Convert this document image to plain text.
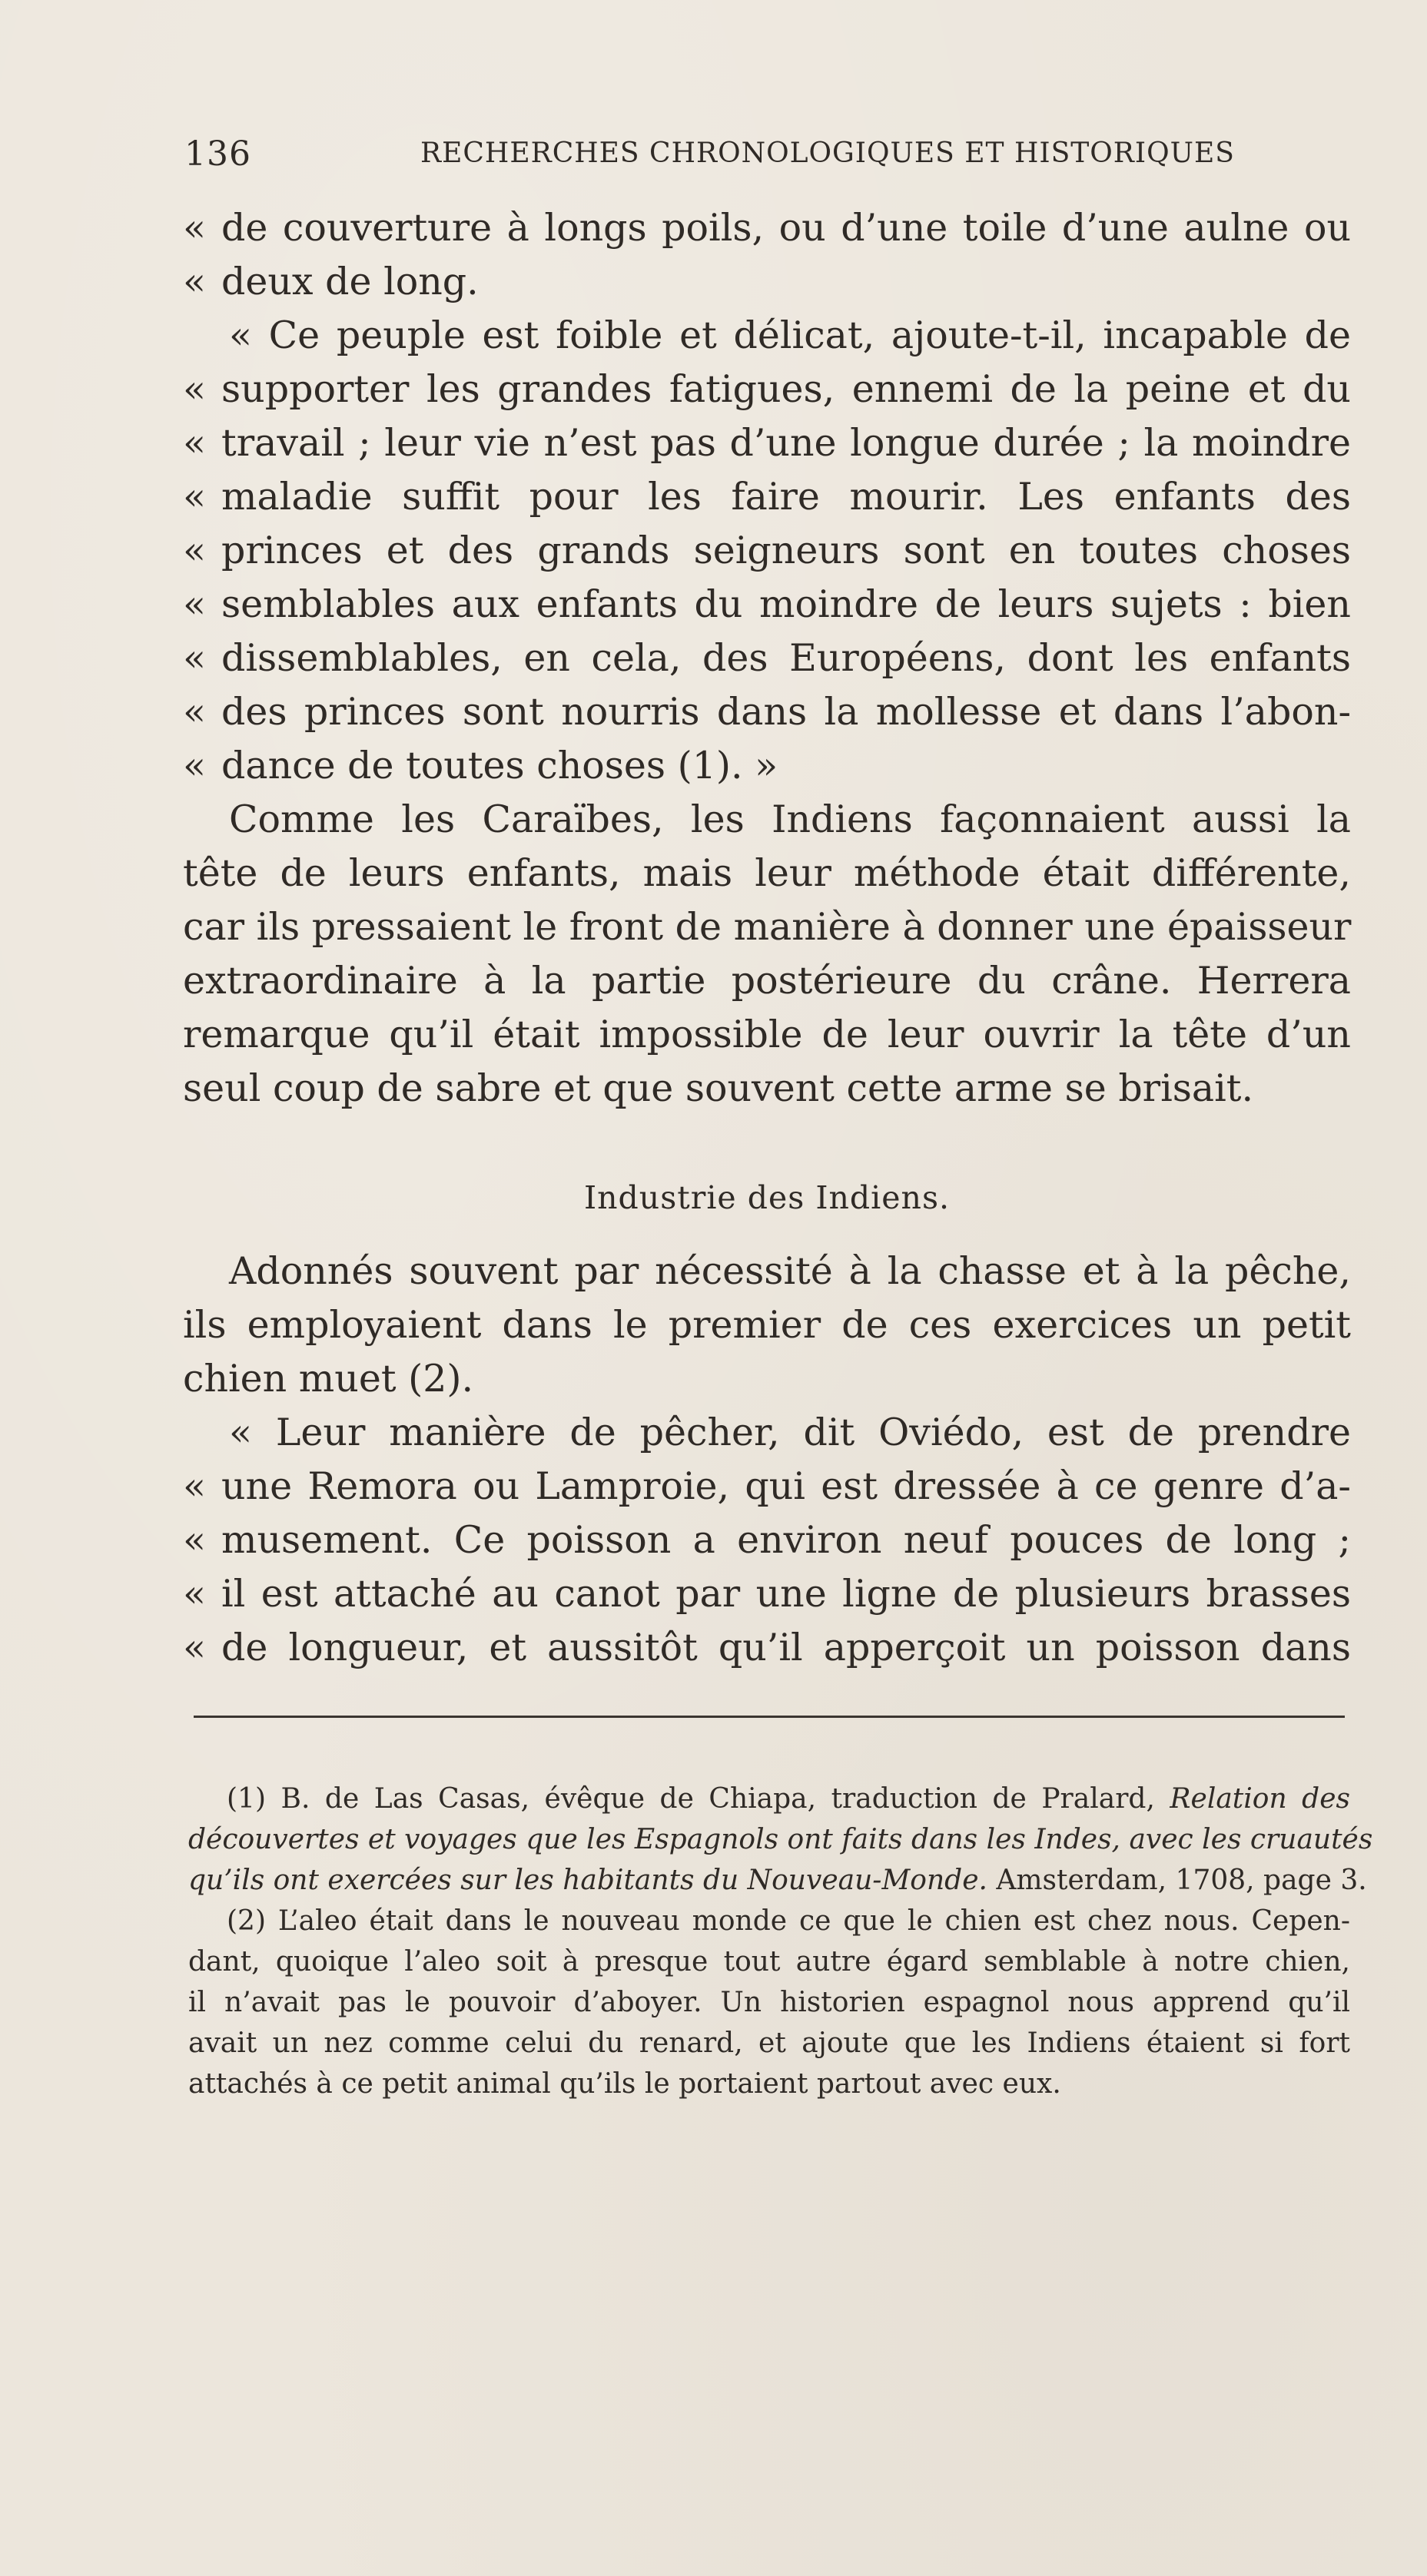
136	RECHERCHES CHRONOLOGIQUES ET HISTORIQUES
« de couverture à longs poils, ou d’une toile d’une aulne ou
« deux de long.
« Ce peuple est foible et délicat, ajoute-t-il, incapable de
« supporter les grandes fatigues, ennemi de la peine et du
« travail ; leur vie n’est pas d’une longue durée ; la moindre
« maladie suffit pour les faire mourir. Les enfants des
« princes et des grands seigneurs sont en toutes choses
« semblables aux enfants du moindre de leurs sujets : bien
« dissemblables, en cela, des Européens, dont les enfants
« des princes sont nourris dans la mollesse et dans l’abon-
« dance de toutes choses (1). »
Comme les Caraïbes, les Indiens façonnaient aussi la
tête de leurs enfants, mais leur méthode était différente,
car ils pressaient le front de manière à donner une épaisseur
extraordinaire à la partie postérieure du crâne. Herrera
remarque qu’il était impossible de leur ouvrir la tête d’un
seul coup de sabre et que souvent cette arme se brisait.
Industrie des Indiens.
Adonnés souvent par nécessité à la chasse et à la pêche,
ils employaient dans le premier de ces exercices un petit
chien muet (2).
« Leur manière de pêcher, dit Oviédo, est de prendre
« une Remora ou Lamproie, qui est dressée à ce genre d’a-
« musement. Ce poisson a environ neuf pouces de long ;
« il est attaché au canot par une ligne de plusieurs brasses
« de longueur, et aussitôt qu’il apperçoit un poisson dans
(1) B. de Las Casas, évêque de Chiapa, traduction de Pralard, Relation des
découvertes et voyages que les Espagnols ont faits dans les Indes, avec les cruautés
qu’ils ont exercées sur les habitants du Nouveau-Monde. Amsterdam, 1708, page 3.
(2) L’aleo était dans le nouveau monde ce que le chien est chez nous. Cepen-
dant, quoique l’aleo soit à presque tout autre égard semblable à notre chien,
il n’avait pas le pouvoir d’aboyer. Un historien espagnol nous apprend qu’il
avait un nez comme celui du renard, et ajoute que les Indiens étaient si fort
attachés à ce petit animal qu’ils le portaient partout avec eux.
